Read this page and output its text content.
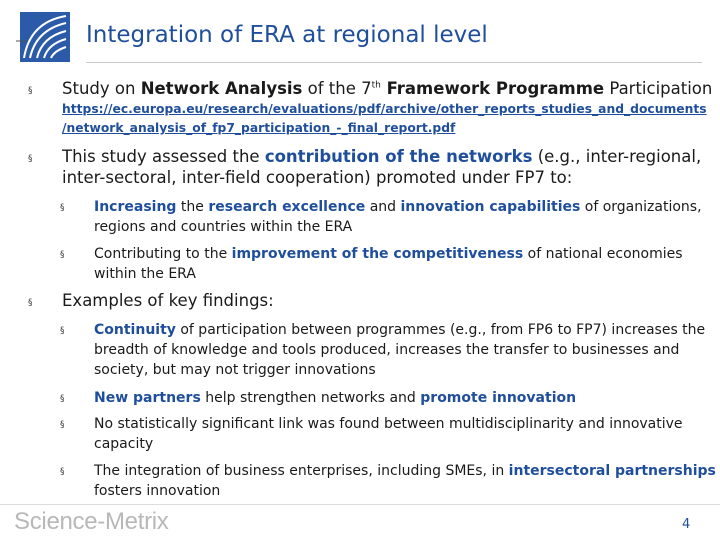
Integration of ERA at regional level
§ Study on Network Analysis of the 7th Framework Programme Participation
https://ec.europa.eu/research/evaluations/pdf/archive/other_reports_studies_and_documents
/network_analysis_of_fp7_participation_-_final_report.pdf
§ This study assessed the contribution of the networks (e.g., inter-regional,
inter-sectoral, inter-field cooperation) promoted under FP7 to:
§ Increasing the research excellence and innovation capabilities of organizations,
regions and countries within the ERA
§ Contributing to the improvement of the competitiveness of national economies
within the ERA
§ Examples of key findings:
§ Continuity of participation between programmes (e.g., from FP6 to FP7) increases the
breadth of knowledge and tools produced, increases the transfer to businesses and
society, but may not trigger innovations
§ New partners help strengthen networks and promote innovation
§ No statistically significant link was found between multidisciplinarity and innovative
capacity
§ The integration of business enterprises, including SMEs, in intersectoral partnerships
fosters innovation
Science-Metrix	4
